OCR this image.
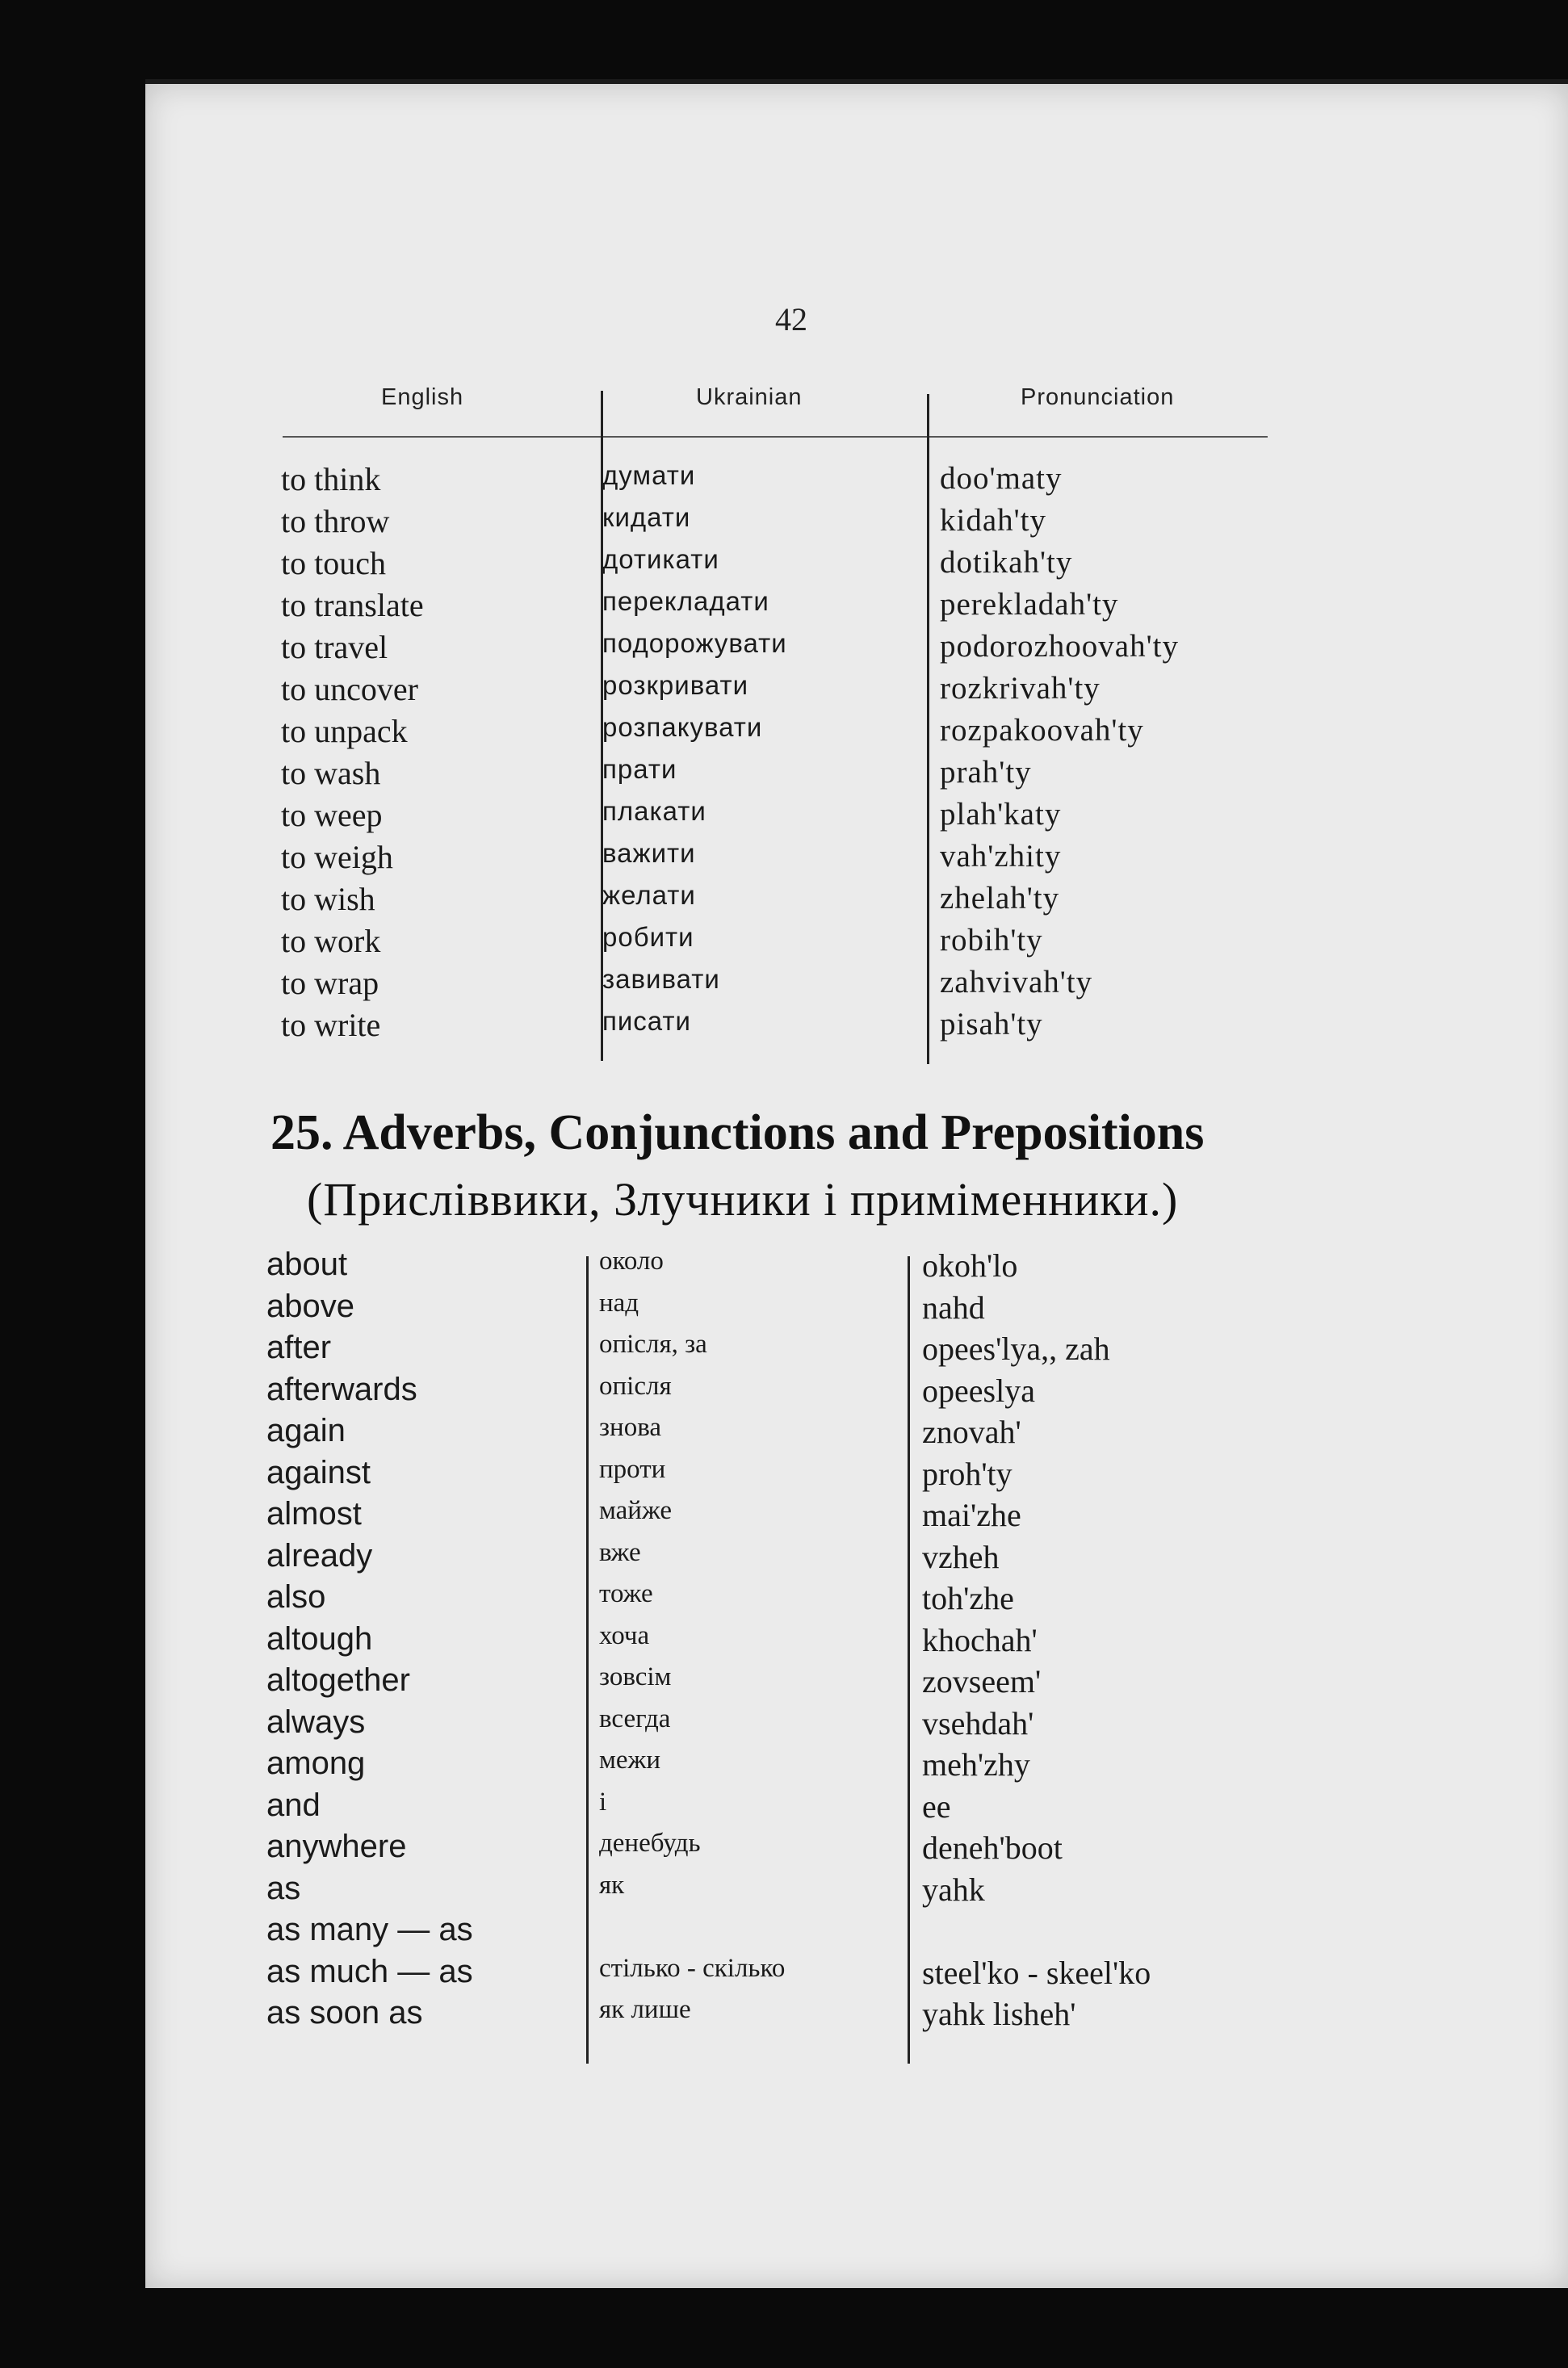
42
English	Ukrainian	Pronunciation
to think	думати	doo'maty
to throw	кидати	kidah'ty
to touch	дотикати	dotikah'ty
to translate	перекладати	perekladah'ty
to travel	подорожувати	podorozhoovah'ty
to uncover	розкривати	rozkrivah'ty
to unpack	розпакувати	rozpakoovah'ty
to wash	прати	prah'ty
to weep	плакати	plah'katy
to weigh	важити	vah'zhity
to wish	желати	zhelah'ty
to work	робити	robih'ty
to wrap	завивати	zahvivah'ty
to write	писати	pisah'ty
25. Adverbs, Conjunctions and Prepositions
(Присліввики, Злучники і приміменники.)
about	около	okoh'lo
above	над	nahd
after	опісля, за	opees'lya,, zah
afterwards	опісля	opeeslya
again	знова	znovah'
against	проти	proh'ty
almost	майже	mai'zhe
already	вже	vzheh
also	тоже	toh'zhe
altough	хоча	khochah'
altogether	зовсім	zovseem'
always	всегда	vsehdah'
among	межи	meh'zhy
and	і	ee
anywhere	денебудь	deneh'boot
as	як	yahk
as many — as
as much — as	стілько - скілько	steel'ko - skeel'ko
as soon as	як лише	yahk lisheh'
